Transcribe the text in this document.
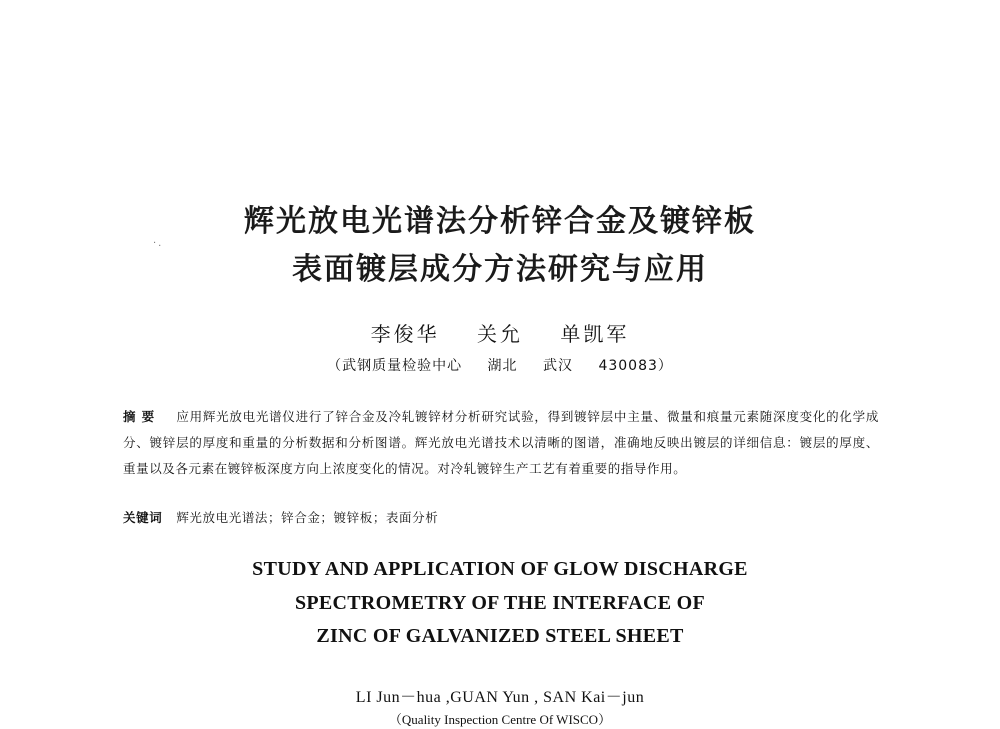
·.
辉光放电光谱法分析锌合金及镀锌板
表面镀层成分方法研究与应用
李俊华 关允 单凯军
（武钢质量检验中心 湖北 武汉 430083）
摘要 应用辉光放电光谱仪进行了锌合金及冷轧镀锌材分析研究试验，得到镀锌层中主量、微量和痕量元素随深度变化的化学成分、镀锌层的厚度和重量的分析数据和分析图谱。辉光放电光谱技术以清晰的图谱，准确地反映出镀层的详细信息：镀层的厚度、重量以及各元素在镀锌板深度方向上浓度变化的情况。对冷轧镀锌生产工艺有着重要的指导作用。
关键词 辉光放电光谱法；锌合金；镀锌板；表面分析
STUDY AND APPLICATION OF GLOW DISCHARGE
SPECTROMETRY OF THE INTERFACE OF
ZINC OF GALVANIZED STEEL SHEET
LI Jun－hua ,GUAN Yun , SAN Kai－jun
（Quality Inspection Centre Of WISCO）
